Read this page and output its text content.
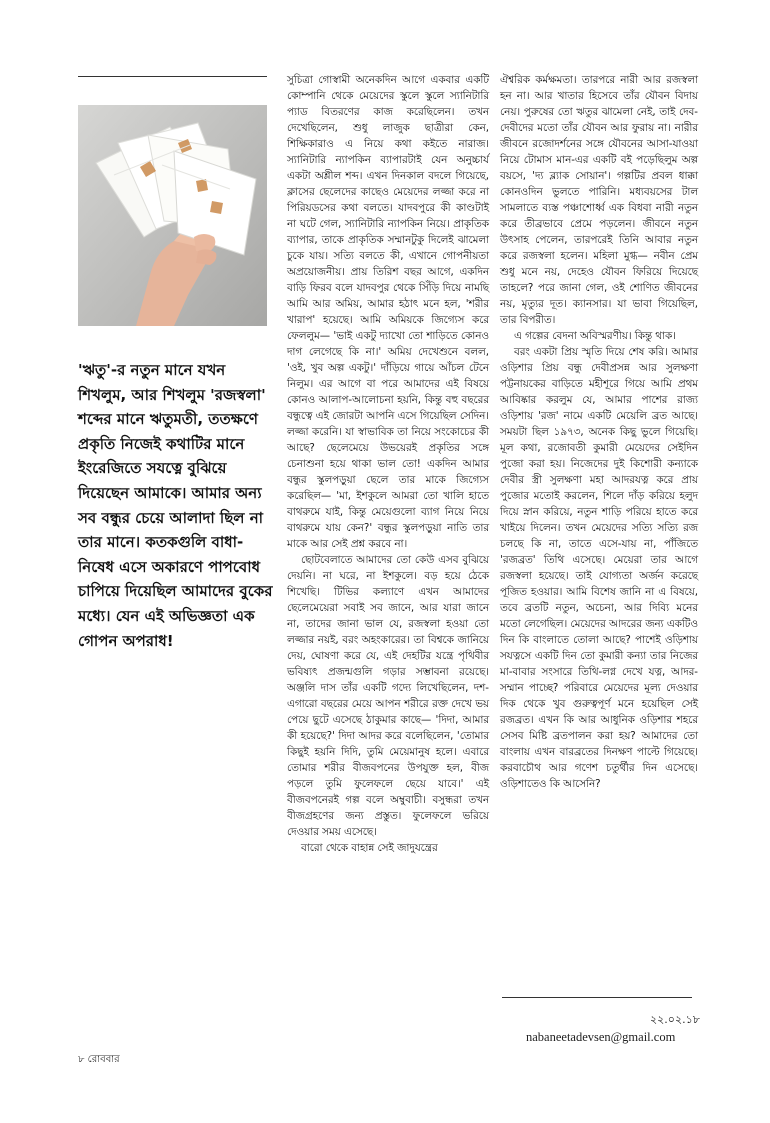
'ঋতু'-র নতুন মানে যখন শিখলুম, আর শিখলুম 'রজস্বলা' শব্দের মানে ঋতুমতী, ততক্ষণে প্রকৃতি নিজেই কথাটির মানে ইংরেজিতে সযত্নে বুঝিয়ে দিয়েছেন আমাকে। আমার অন্য সব বন্ধুর চেয়ে আলাদা ছিল না তার মানে। কতকগুলি বাধা-নিষেধ এসে অকারণে পাপবোধ চাপিয়ে দিয়েছিল আমাদের বুকের মধ্যে। যেন এই অভিজ্ঞতা এক গোপন অপরাধ!

সুচিত্রা গোস্বামী অনেকদিন আগে একবার একটি কোম্পানি থেকে মেয়েদের স্কুলে স্কুলে স্যানিটারি প্যাড বিতরণের কাজ করেছিলেন। তখন দেখেছিলেন, শুধু লাজুক ছাত্রীরা কেন, শিক্ষিকারাও এ নিয়ে কথা কইতে নারাজ। স্যানিটারি ন্যাপকিন ব্যাপারটাই যেন অনুচ্চার্য একটা অশ্লীল শব্দ। এখন দিনকাল বদলে গিয়েছে, ক্লাসের ছেলেদের কাছেও মেয়েদের লজ্জা করে না পিরিয়ডসের কথা বলতে। যাদবপুরে কী কাণ্ডটাই না ঘটে গেল, স্যানিটারি ন্যাপকিন নিয়ে। প্রাকৃতিক ব্যাপার, তাকে প্রাকৃতিক সম্মানটুকু দিলেই ঝামেলা চুকে যায়। সত্যি বলতে কী, এখানে গোপনীয়তা অপ্রয়োজনীয়। প্রায় তিরিশ বছর আগে, একদিন বাড়ি ফিরব বলে যাদবপুর থেকে সিঁড়ি দিয়ে নামছি আমি আর অমিয়, আমার হঠাৎ মনে হল, 'শরীর খারাপ' হয়েছে। আমি অমিয়কে জিগ্যেস করে ফেললুম— 'ভাই একটু দ্যাখো তো শাড়িতে কোনও দাগ লেগেছে কি না।' অমিয় দেখেশুনে বলল, 'ওই, খুব অল্প একটু।' দাঁড়িয়ে গায়ে আঁচল টেনে নিলুম। এর আগে বা পরে আমাদের এই বিষয়ে কোনও আলাপ-আলোচনা হয়নি, কিন্তু বহু বছরের বন্ধুত্বে এই জোরটা আপনি এসে গিয়েছিল সেদিন। লজ্জা করেনি। যা স্বাভাবিক তা নিয়ে সংকোচের কী আছে? ছেলেমেয়ে উভয়েরই প্রকৃতির সঙ্গে চেনাশুনা হয়ে থাকা ভাল তো! একদিন আমার বন্ধুর স্কুলপড়ুয়া ছেলে তার মাকে জিগ্যেস করেছিল— 'মা, ইশকুলে আমরা তো খালি হাতে বাথরুমে যাই, কিন্তু মেয়েগুলো ব্যাগ নিয়ে নিয়ে বাথরুমে যায় কেন?' বন্ধুর স্কুলপড়ুয়া নাতি তার মাকে আর সেই প্রশ্ন করবে না।

ছোটবেলাতে আমাদের তো কেউ এসব বুঝিয়ে দেয়নি। না ঘরে, না ইশকুলে। বড় হয়ে ঠেকে শিখেছি। টিভির কল্যাণে এখন আমাদের ছেলেমেয়েরা সবাই সব জানে, আর যারা জানে না, তাদের জানা ভাল যে, রজস্বলা হওয়া তো লজ্জার নয়ই, বরং অহংকারের। তা বিশ্বকে জানিয়ে দেয়, ঘোষণা করে যে, এই দেহটির যন্ত্রে পৃথিবীর ভবিষ্যৎ প্রজন্মগুলি গড়ার সম্ভাবনা রয়েছে। অঞ্জলি দাস তাঁর একটি গদ্যে লিখেছিলেন, দশ-এগারো বছরের মেয়ে আপন শরীরে রক্ত দেখে ভয় পেয়ে ছুটে এসেছে ঠাকুমার কাছে— 'দিদা, আমার কী হয়েছে?' দিদা আদর করে বলেছিলেন, 'তোমার কিছুই হয়নি দিদি, তুমি মেয়েমানুষ হলে। এবারে তোমার শরীর বীজবপনের উপযুক্ত হল, বীজ পড়লে তুমি ফুলেফলে ছেয়ে যাবে।' এই বীজবপনেরই গল্প বলে অম্বুবাচী। বসুন্ধরা তখন বীজগ্রহণের জন্য প্রস্তুত। ফুলেফলে ভরিয়ে দেওয়ার সময় এসেছে।

বারো থেকে বাহান্ন সেই জাদুযন্ত্রের

ঐশ্বরিক কর্মক্ষমতা। তারপরে নারী আর রজস্বলা হন না। আর খাতার হিসেবে তাঁর যৌবন বিদায় নেয়। পুরুষের তো ঋতুর ঝামেলা নেই, তাই দেব-দেবীদের মতো তাঁর যৌবন আর ফুরায় না। নারীর জীবনে রজোদর্শনের সঙ্গে যৌবনের আসা-যাওয়া নিয়ে টোমাস মান-এর একটি বই পড়েছিলুম অল্প বয়সে, 'দ্য ব্ল্যাক সোয়ান'। গল্পটির প্রবল ধাক্কা কোনওদিন ভুলতে পারিনি। মধ্যবয়সের টাল সামলাতে ব্যস্ত পঞ্চাশোর্ধ্ব এক বিধবা নারী নতুন করে তীব্রভাবে প্রেমে পড়লেন। জীবনে নতুন উৎসাহ পেলেন, তারপরেই তিনি আবার নতুন করে রজস্বলা হলেন। মহিলা মুগ্ধ— নবীন প্রেম শুধু মনে নয়, দেহেও যৌবন ফিরিয়ে দিয়েছে তাহলে? পরে জানা গেল, ওই শোণিত জীবনের নয়, মৃত্যুর দূত। ক্যানসার। যা ভাবা গিয়েছিল, তার বিপরীত।

এ গল্পের বেদনা অবিস্মরণীয়। কিন্তু থাক।

বরং একটা প্রিয় স্মৃতি দিয়ে শেষ করি। আমার ওড়িশার প্রিয় বন্ধু দেবীপ্রসন্ন আর সুলক্ষণা পট্টনায়কের বাড়িতে মহীশূরে গিয়ে আমি প্রথম আবিষ্কার করলুম যে, আমার পাশের রাজ্য ওড়িশায় 'রজ' নামে একটি মেয়েলি ব্রত আছে। সময়টা ছিল ১৯৭৩, অনেক কিছু ভুলে গিয়েছি। মূল কথা, রজোবতী কুমারী মেয়েদের সেইদিন পুজো করা হয়। নিজেদের দুই কিশোরী কন্যাকে দেবীর স্ত্রী সুলক্ষণা মহা আদরযত্ন করে প্রায় পুজোর মতোই করলেন, শিলে দাঁড় করিয়ে হলুদ দিয়ে স্নান করিয়ে, নতুন শাড়ি পরিয়ে হাতে করে খাইয়ে দিলেন। তখন মেয়েদের সত্যি সত্যি রজ চলছে কি না, তাতে এসে-যায় না, পাঁজিতে 'রজব্রত' তিথি এসেছে। মেয়েরা তার আগে রজস্বলা হয়েছে। তাই যোগ্যতা অর্জন করেছে পূজিত হওয়ার। আমি বিশেষ জানি না এ বিষয়ে, তবে ব্রতটি নতুন, অচেনা, আর দিব্যি মনের মতো লেগেছিল। মেয়েদের আদরের জন্য একটিও দিন কি বাংলাতে তোলা আছে? পাশেই ওড়িশায় সযত্নসে একটি দিন তো কুমারী কন্যা তার নিজের মা-বাবার সংসারে তিথি-লগ্ন দেখে যত্ন, আদর-সম্মান পাচ্ছে? পরিবারে মেয়েদের মূল্য দেওয়ার দিক থেকে খুব গুরুত্বপূর্ণ মনে হয়েছিল সেই রজব্রত। এখন কি আর আধুনিক ওড়িশার শহরে সেসব মিষ্টি ব্রতপালন করা হয়? আমাদের তো বাংলায় এখন বারব্রতের দিনক্ষণ পাল্টে গিয়েছে। করবাচৌথ আর গণেশ চতুর্থীর দিন এসেছে। ওড়িশাতেও কি আসেনি?

২২.০২.১৮
nabaneetadevsen@gmail.com
৮ রোববার
